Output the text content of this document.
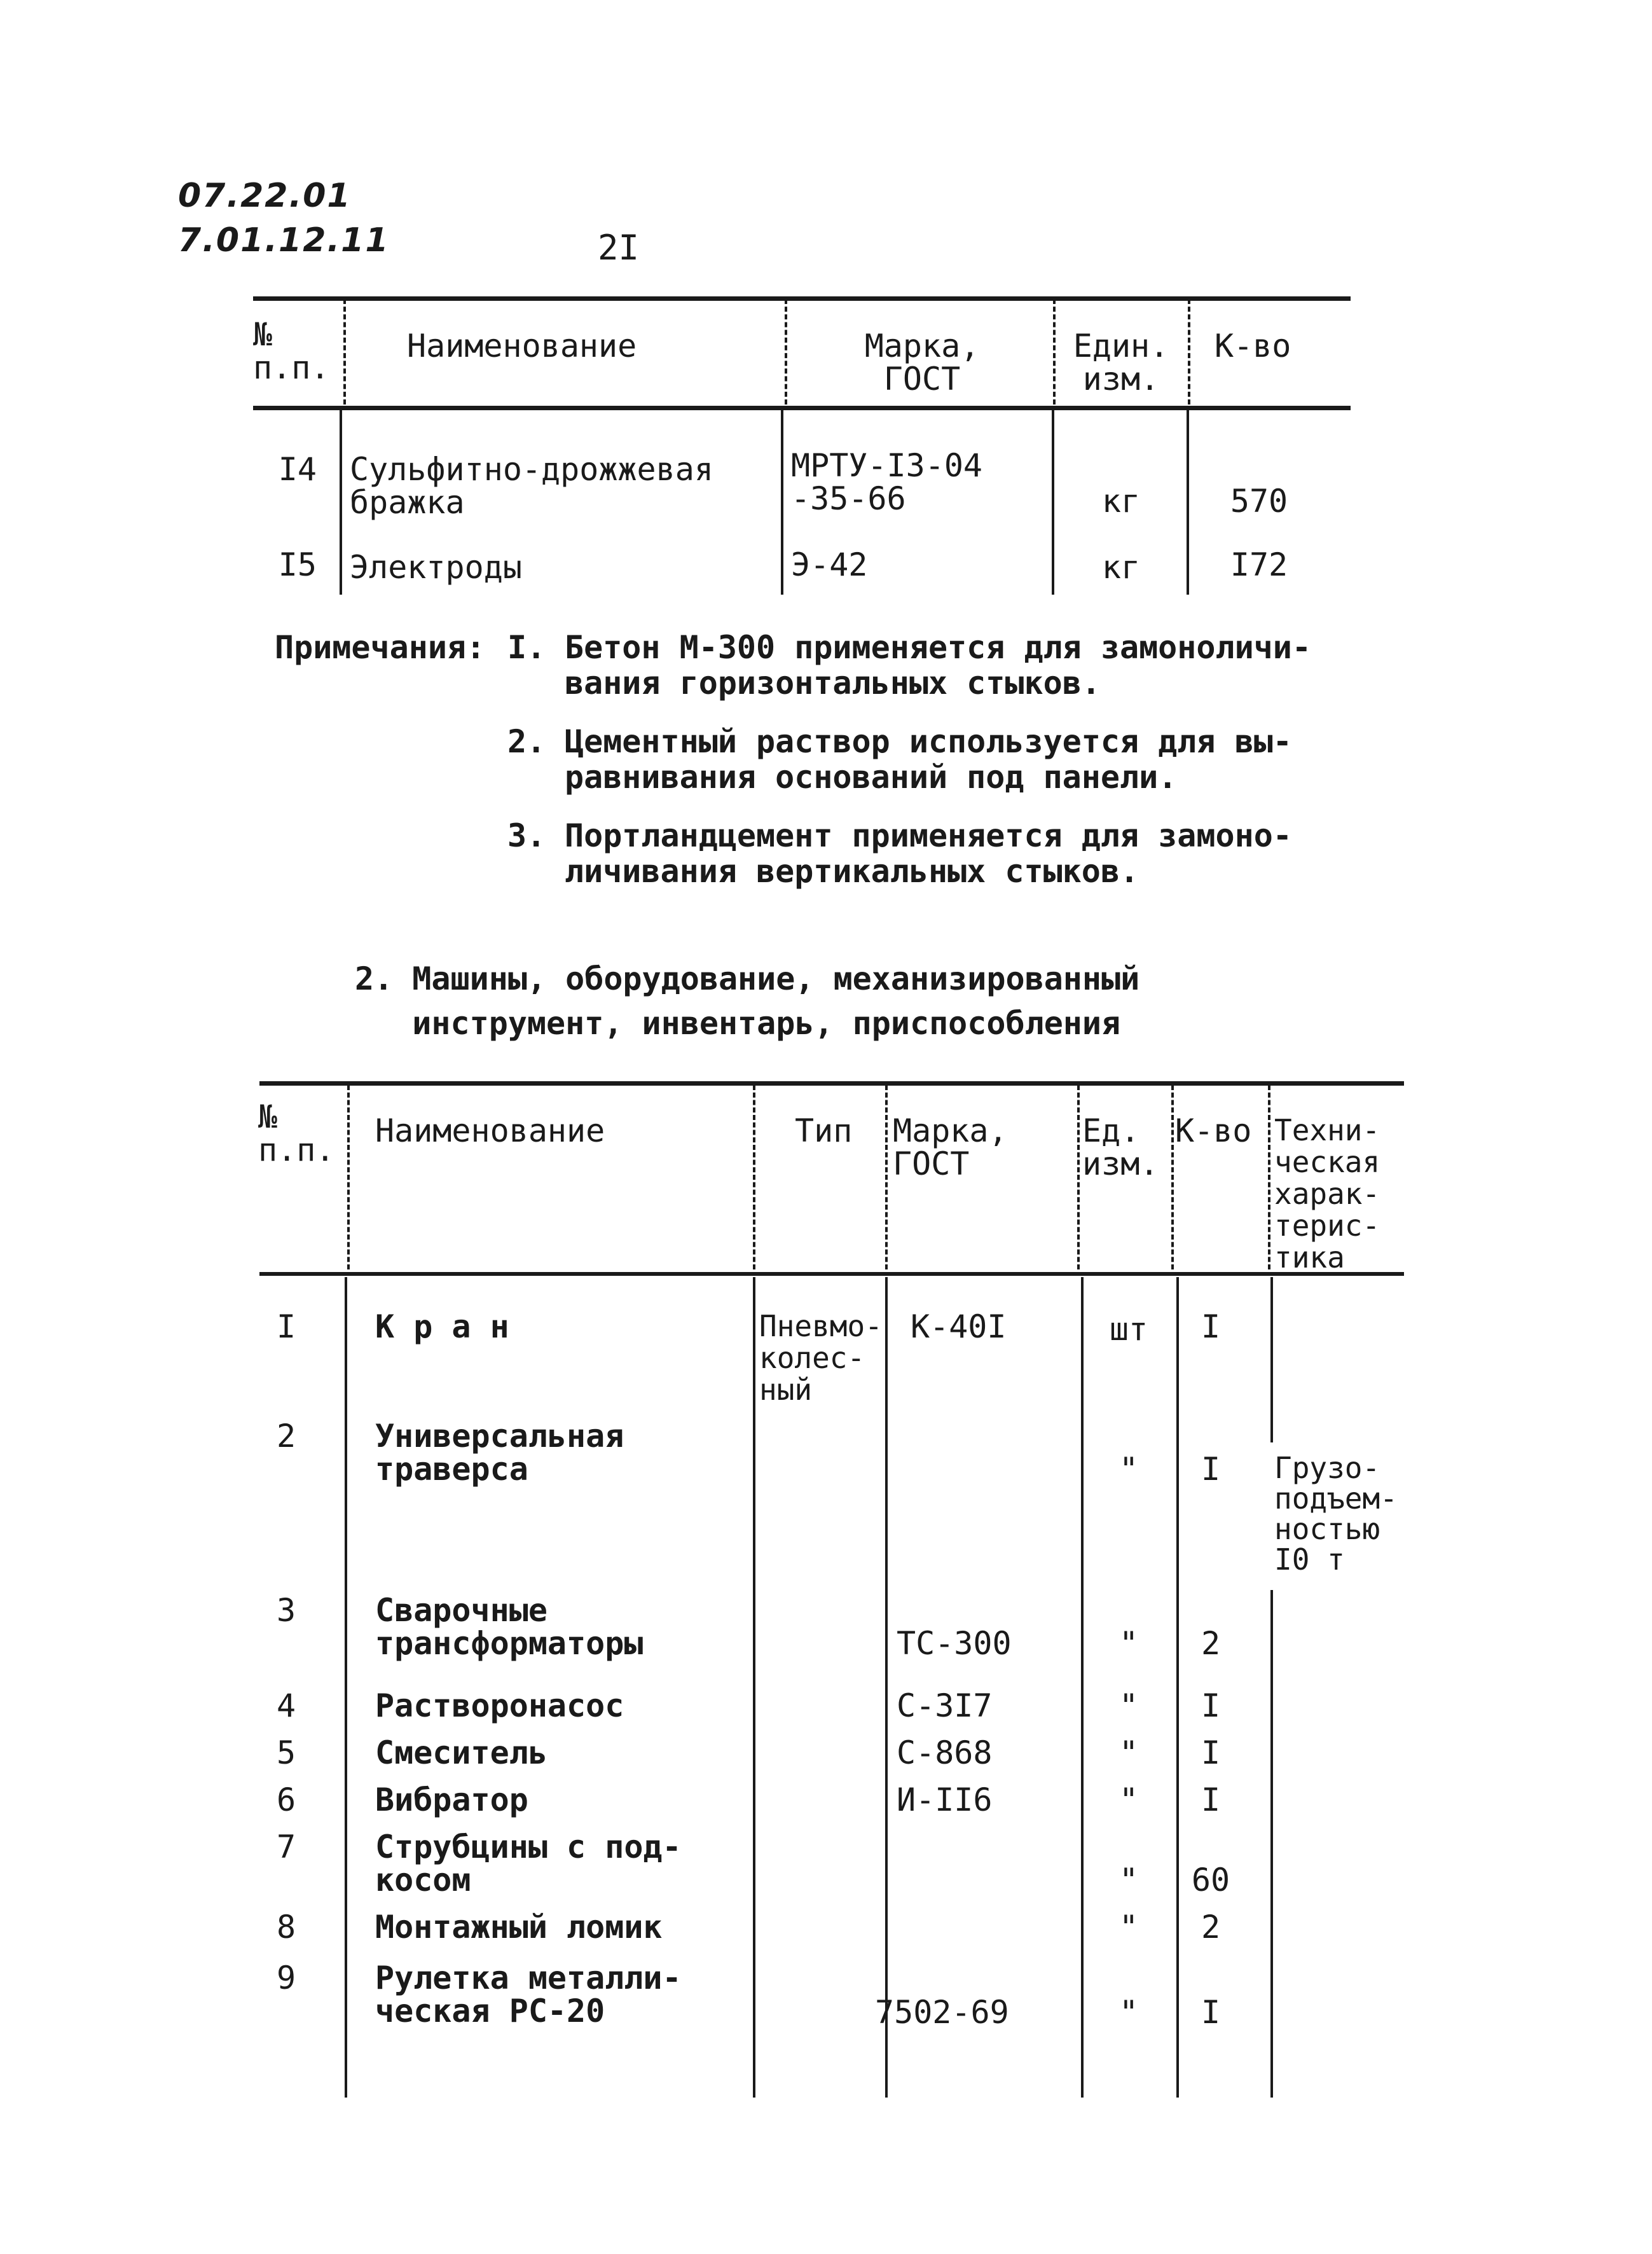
07.22.01
7.01.12.11	2I
№
п.п.
Наименование	Марка,
ГОСТ
Един.
изм.
К-во
I4 Сульфитно-дрожжевая
бражка
МРТУ-I3-04
-35-66	кг	570
I5 Электроды	Э-42	кг	I72
Примечания: I. Бетон М-300 применяется для замоноличи-
вания горизонтальных стыков.
2. Цементный раствор используется для вы-
равнивания оснований под панели.
3. Портландцемент применяется для замоно-
личивания вертикальных стыков.
2. Машины, оборудование, механизированный
инструмент, инвентарь, приспособления
№
п.п.
Наименование	Тип Марка,
ГОСТ
Ед.
изм.
К-во Техни-
ческая
харак-
терис-
тика
I К р а н	Пневмо-
колес-
ный
К-40I	шт	I
2 Универсальная
траверса	"	I	Грузо-
подъем-
ностью
I0 т
3 Сварочные
трансформаторы	ТС-300	"	2
4 Растворонасос	С-3I7	"	I
5 Смеситель	С-868	"	I
6 Вибратор	И-II6	"	I
7 Струбцины с под-
косом	"	60
8 Монтажный ломик	"	2
9 Рулетка металли-
ческая РС-20	7502-69	"	I
